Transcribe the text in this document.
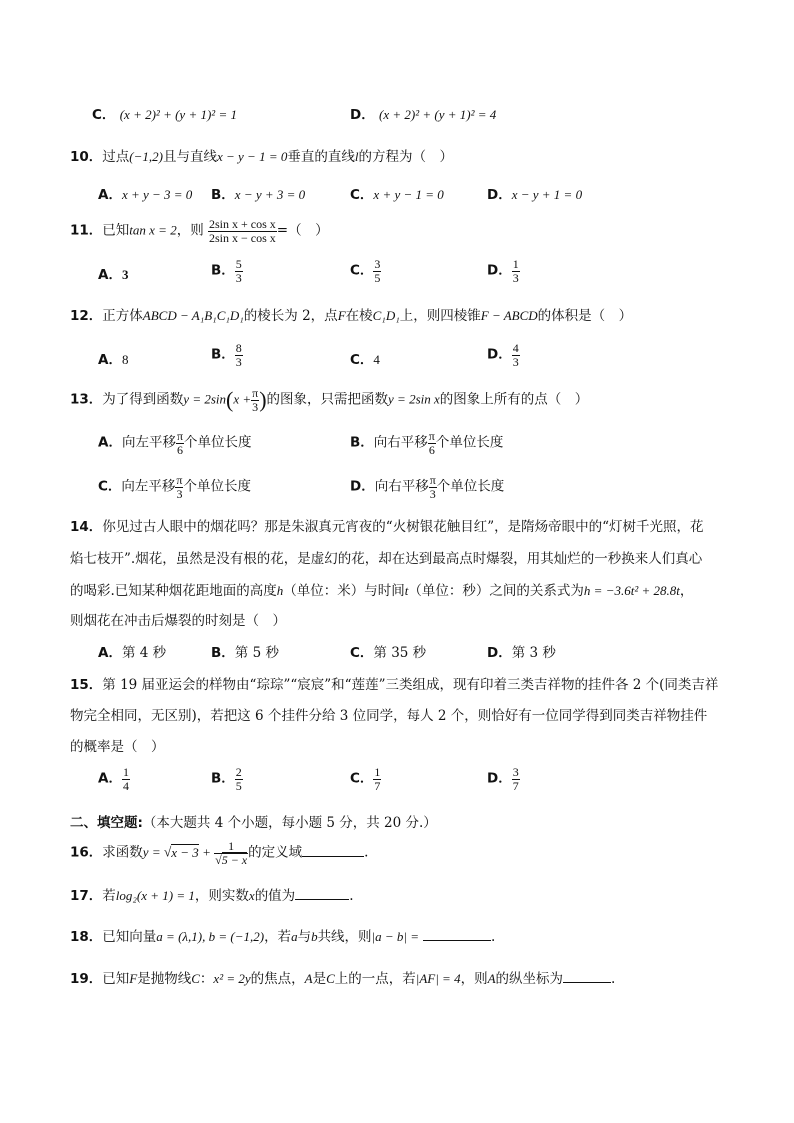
C． (x + 2)² + (y + 1)² = 1	D． (x + 2)² + (y + 1)² = 4
10．过点(−1,2)且与直线x − y − 1 = 0垂直的直线l的方程为（　）
A．x + y − 3 = 0 B．x − y + 3 = 0	C．x + y − 1 = 0	D．x − y + 1 = 0
11．已知tan x = 2，则 $\frac{\text{2sin x + cos x}}{\text{2sin x − cos x}}$ =（　）
A．3	B． $\frac{5}{3}$	C． $\frac{3}{5}$	D． $\frac{1}{3}$
12．正方体ABCD − A₁B₁C₁D₁的棱长为 2，点F在棱C₁D₁上，则四棱锥F − ABCD的体积是（　）
A．8	B． $\frac{8}{3}$	C．4	D． $\frac{4}{3}$
13．为了得到函数$y = 2\sin(x + \frac{\pi}{3}$ )的图象，只需把函数y = 2sin x的图象上所有的点（　）
A．向左平移 $\frac{\pi}{6}$ 个单位长度	B．向右平移 $\frac{\pi}{6}$ 个单位长度
C．向左平移 $\frac{\pi}{3}$ 个单位长度	D．向右平移 $\frac{\pi}{3}$ 个单位长度
14．你见过古人眼中的烟花吗？那是朱淑真元宵夜的“火树银花触目红”，是隋炀帝眼中的“灯树千光照，花
焰七枝开”.烟花，虽然是没有根的花，是虚幻的花，却在达到最高点时爆裂，用其灿烂的一秒换来人们真心
的喝彩.已知某种烟花距地面的高度h（单位：米）与时间t（单位：秒）之间的关系式为h = −3.6t² + 28.8t，
则烟花在冲击后爆裂的时刻是（　）
A．第 4 秒	B．第 5 秒	C．第 35 秒	D．第 3 秒
15．第 19 届亚运会的样物由“琮琮”“宸宸”和“莲莲”三类组成，现有印着三类吉祥物的挂件各 2 个(同类吉祥
物完全相同，无区别)，若把这 6 个挂件分给 3 位同学，每人 2 个，则恰好有一位同学得到同类吉祥物挂件
的概率是（　）
A． $\frac{1}{4}$	B． $\frac{2}{5}$	C． $\frac{1}{7}$	D． $\frac{3}{7}$
二、填空题:（本大题共 4 个小题，每小题 5 分，共 20 分.）
16．求函数$y = √x - 3 + \frac{1}{√5 - x}$ 的定义域	.
17．若log₂(x + 1) = 1，则实数x的值为	.
18．已知向量a = (λ,1), b = (−1,2)，若a与b共线，则|a − b| =	.
19．已知F是抛物线C：x² = 2y的焦点，A是C上的一点，若|AF| = 4，则A的纵坐标为	.
